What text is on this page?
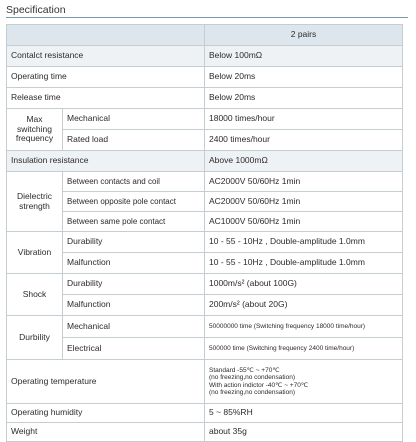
Specification
		2 pairs
Contalct resistance		Below 100mΩ
Operating time		Below 20ms
Release time		Below 20ms
Max switching frequency	Mechanical	18000 times/hour
	Rated load	2400 times/hour
Insulation resistance		Above 1000mΩ
Dielectric strength	Between contacts and coil	AC2000V 50/60Hz 1min
	Between opposite pole contact	AC2000V 50/60Hz 1min
	Between same pole contact	AC1000V 50/60Hz 1min
Vibration	Durability	10 - 55 - 10Hz , Double-amplitude 1.0mm
	Malfunction	10 - 55 - 10Hz , Double-amplitude 1.0mm
Shock	Durability	1000m/s² (about 100G)
	Malfunction	200m/s² (about 20G)
Durbility	Mechanical	50000000 time (Switching frequency 18000 time/hour)
	Electrical	500000 time (Switching frequency 2400 time/hour)
Operating temperature		Standard -55℃ ~ +70℃
(no freezing,no condensation)
With action indictor -40℃ ~ +70℃
(no freezing,no condensation)

Operating humidity		5 ~ 85%RH
Weight		about 35g
